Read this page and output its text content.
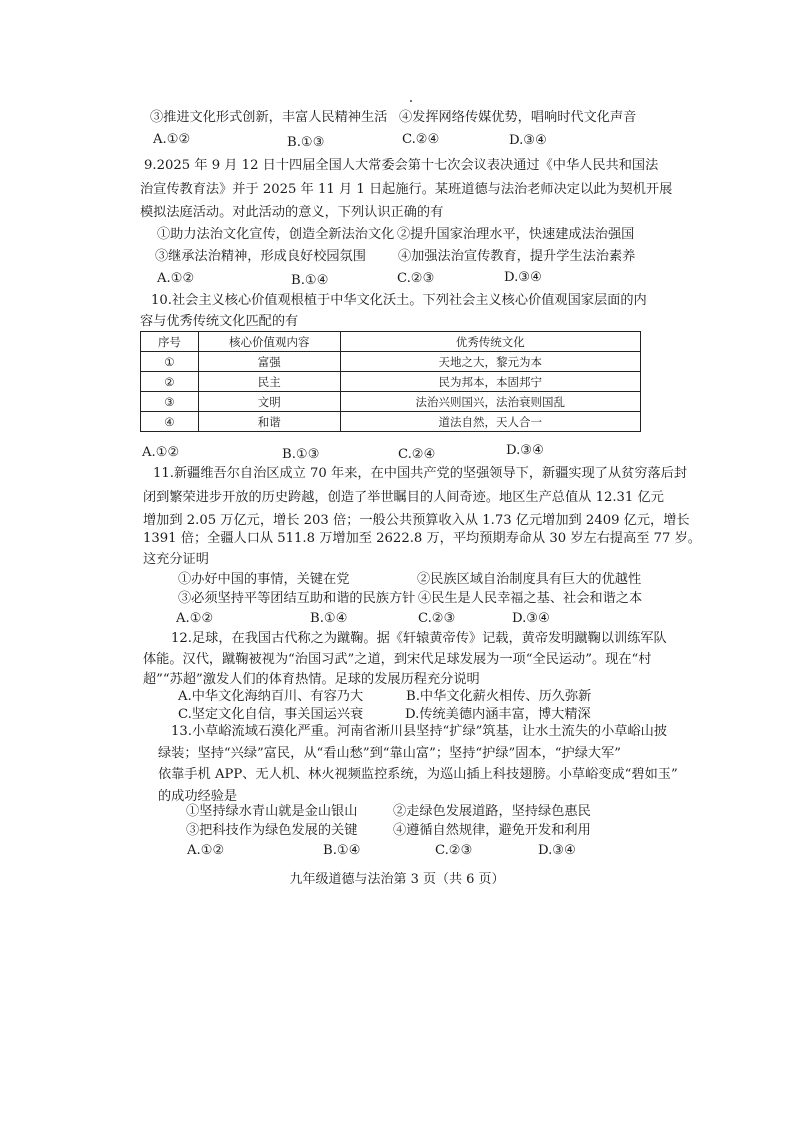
③推进文化形式创新，丰富人民精神生活 ④发挥网络传媒优势，唱响时代文化声音
A.①②	B.①③	C.②④	D.③④
9.2025 年 9 月 12 日十四届全国人大常委会第十七次会议表决通过《中华人民共和国法
治宣传教育法》并于 2025 年 11 月 1 日起施行。某班道德与法治老师决定以此为契机开展
模拟法庭活动。对此活动的意义，下列认识正确的有
①助力法治文化宣传，创造全新法治文化 ②提升国家治理水平，快速建成法治强国
③继承法治精神，形成良好校园氛围 ④加强法治宣传教育，提升学生法治素养
A.①②	B.①④	C.②③	D.③④
10.社会主义核心价值观根植于中华文化沃土。下列社会主义核心价值观国家层面的内
容与优秀传统文化匹配的有
序号	核心价值观内容	优秀传统文化
①	富强	天地之大，黎元为本
②	民主	民为邦本，本固邦宁
③	文明	法治兴则国兴，法治衰则国乱
④	和谐	道法自然，天人合一
A.①②	B.①③	C.②④	D.③④
11.新疆维吾尔自治区成立 70 年来，在中国共产党的坚强领导下，新疆实现了从贫穷落后封
闭到繁荣进步开放的历史跨越，创造了举世瞩目的人间奇迹。地区生产总值从 12.31 亿元
增加到 2.05 万亿元，增长 203 倍；一般公共预算收入从 1.73 亿元增加到 2409 亿元，增长
1391 倍；全疆人口从 511.8 万增加至 2622.8 万，平均预期寿命从 30 岁左右提高至 77 岁。
这充分证明
①办好中国的事情，关键在党	②民族区域自治制度具有巨大的优越性
③必须坚持平等团结互助和谐的民族方针 ④民生是人民幸福之基、社会和谐之本
A.①②	B.①④	C.②③	D.③④
12.足球，在我国古代称之为蹴鞠。据《轩辕黄帝传》记载，黄帝发明蹴鞠以训练军队
体能。汉代，蹴鞠被视为“治国习武”之道，到宋代足球发展为一项“全民运动”。现在“村
超”“苏超”激发人们的体育热情。足球的发展历程充分说明
A.中华文化海纳百川、有容乃大	B.中华文化薪火相传、历久弥新
C.坚定文化自信，事关国运兴衰	D.传统美德内涵丰富，博大精深
13.小草峪流域石漠化严重。河南省淅川县坚持“扩绿”筑基，让水土流失的小草峪山披
绿装；坚持“兴绿”富民，从“看山愁”到“靠山富”；坚持“护绿”固本，“护绿大军”
依靠手机 APP、无人机、林火视频监控系统，为巡山插上科技翅膀。小草峪变成“碧如玉”
的成功经验是
①坚持绿水青山就是金山银山	②走绿色发展道路，坚持绿色惠民
③把科技作为绿色发展的关键	④遵循自然规律，避免开发和利用
A.①②	B.①④	C.②③	D.③④
九年级道德与法治第 3 页（共 6 页）
